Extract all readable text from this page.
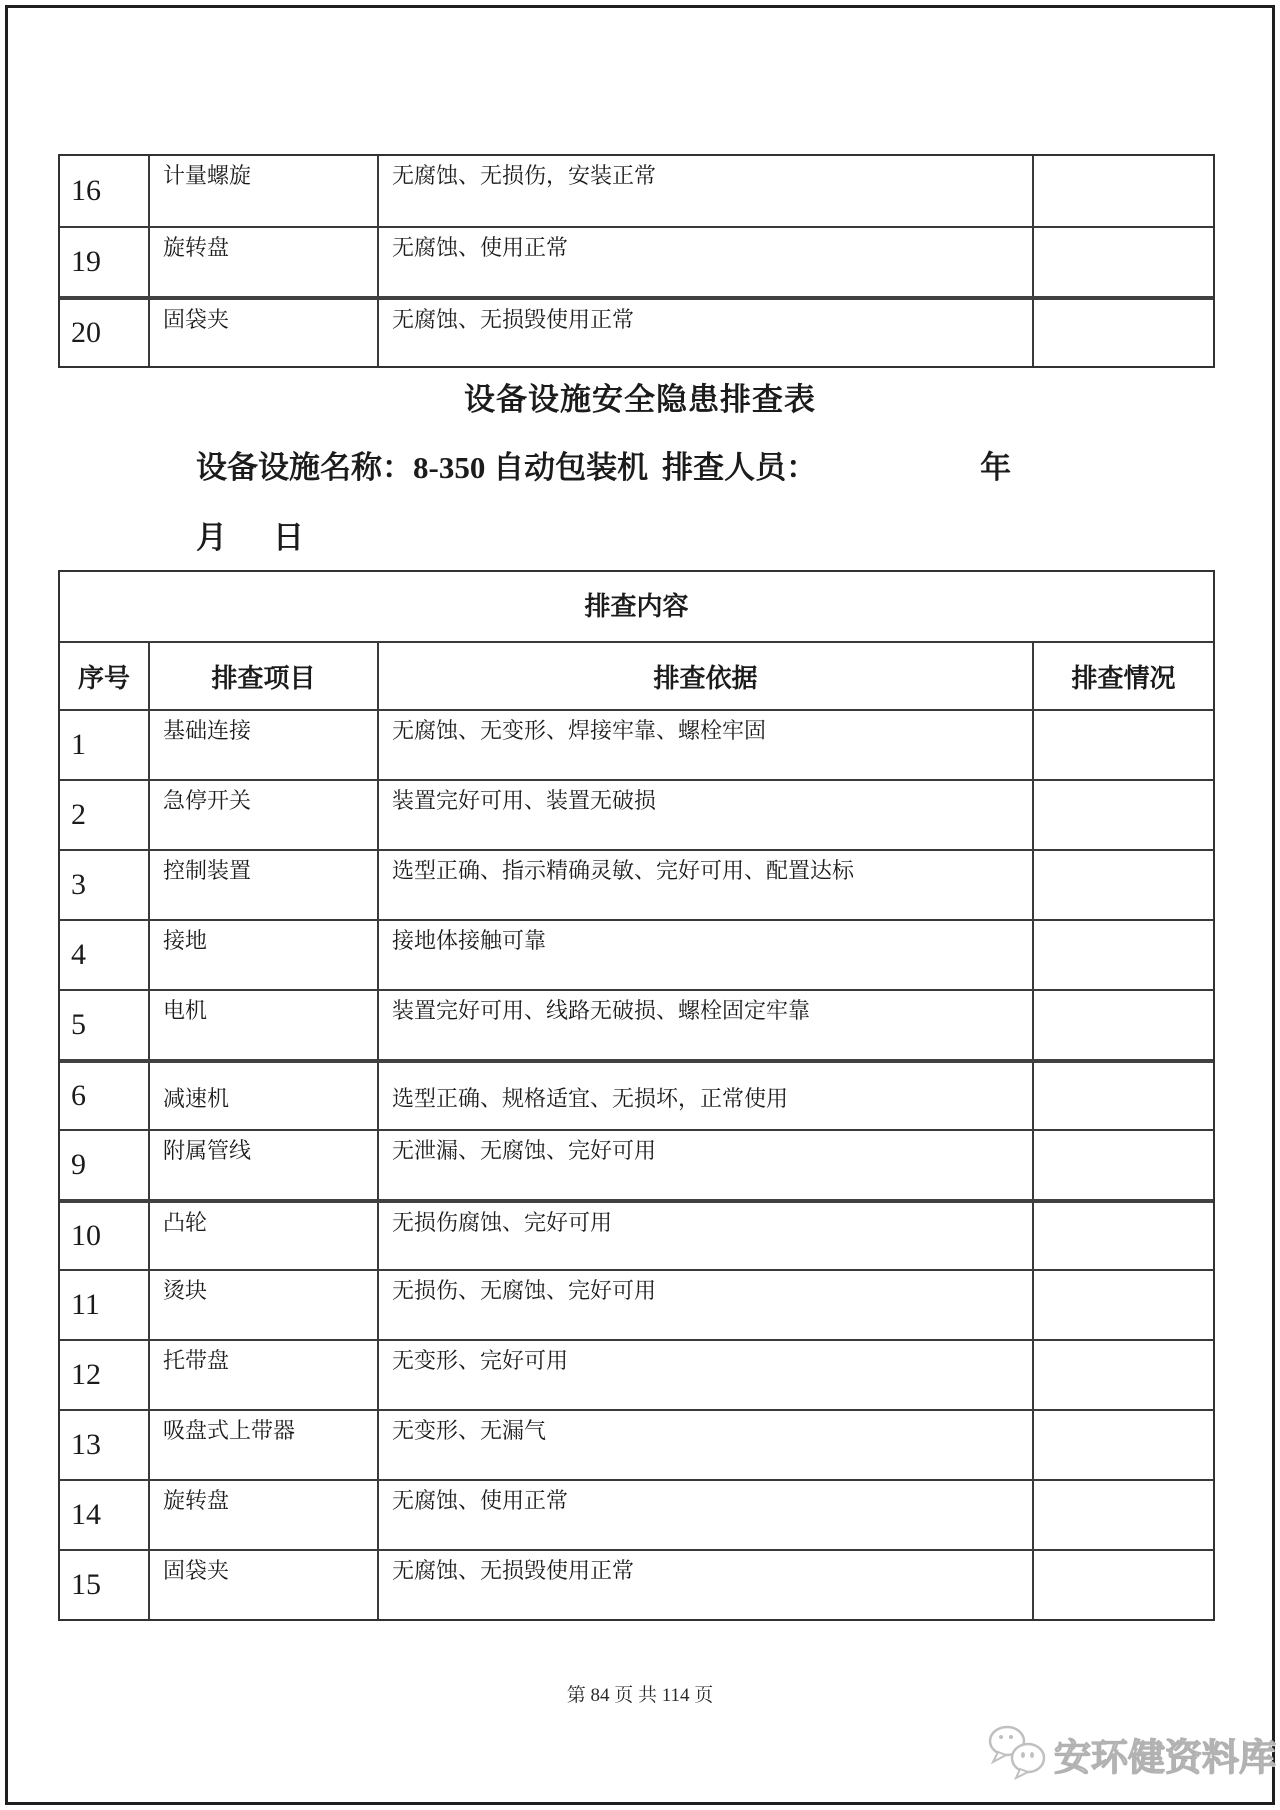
16	计量螺旋	无腐蚀、无损伤，安装正常
19	旋转盘	无腐蚀、使用正常
20	固袋夹	无腐蚀、无损毁使用正常
设备设施安全隐患排查表
设备设施名称：8-350 自动包装机 排查人员：	年
月 日
排查内容
序号	排查项目	排查依据	排查情况
1	基础连接	无腐蚀、无变形、焊接牢靠、螺栓牢固
2	急停开关	装置完好可用、装置无破损
3	控制装置	选型正确、指示精确灵敏、完好可用、配置达标
4	接地	接地体接触可靠
5	电机	装置完好可用、线路无破损、螺栓固定牢靠
6	减速机	选型正确、规格适宜、无损坏，正常使用
9	附属管线	无泄漏、无腐蚀、完好可用
10	凸轮	无损伤腐蚀、完好可用
11	烫块	无损伤、无腐蚀、完好可用
12	托带盘	无变形、完好可用
13	吸盘式上带器	无变形、无漏气
14	旋转盘	无腐蚀、使用正常
15	固袋夹	无腐蚀、无损毁使用正常
第 84 页 共 114 页
安环健资料库
